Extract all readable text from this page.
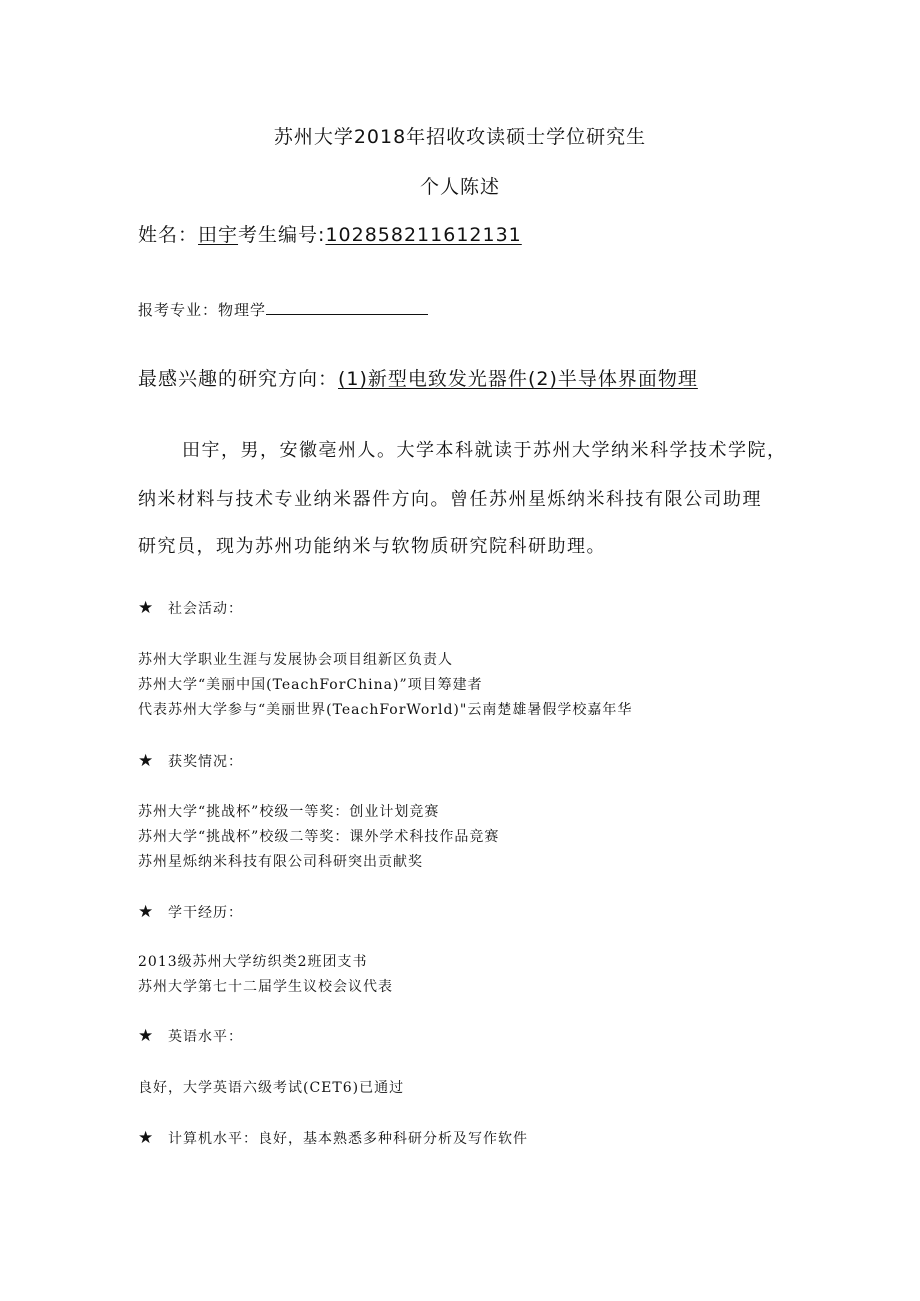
苏州大学2018年招收攻读硕士学位研究生
个人陈述
姓名：田宇考生编号:102858211612131
报考专业：物理学
最感兴趣的研究方向：(1)新型电致发光器件(2)半导体界面物理
田宇，男，安徽亳州人。大学本科就读于苏州大学纳米科学技术学院，
纳米材料与技术专业纳米器件方向。曾任苏州星烁纳米科技有限公司助理
研究员，现为苏州功能纳米与软物质研究院科研助理。
★ 社会活动：
苏州大学职业生涯与发展协会项目组新区负责人
苏州大学“美丽中国(TeachForChina)”项目筹建者
代表苏州大学参与“美丽世界(TeachForWorld)"云南楚雄暑假学校嘉年华
★ 获奖情况：
苏州大学“挑战杯”校级一等奖：创业计划竞赛
苏州大学“挑战杯”校级二等奖：课外学术科技作品竞赛
苏州星烁纳米科技有限公司科研突出贡献奖
★ 学干经历：
2013级苏州大学纺织类2班团支书
苏州大学第七十二届学生议校会议代表
★ 英语水平：
良好，大学英语六级考试(CET6)已通过
★ 计算机水平：良好，基本熟悉多种科研分析及写作软件
